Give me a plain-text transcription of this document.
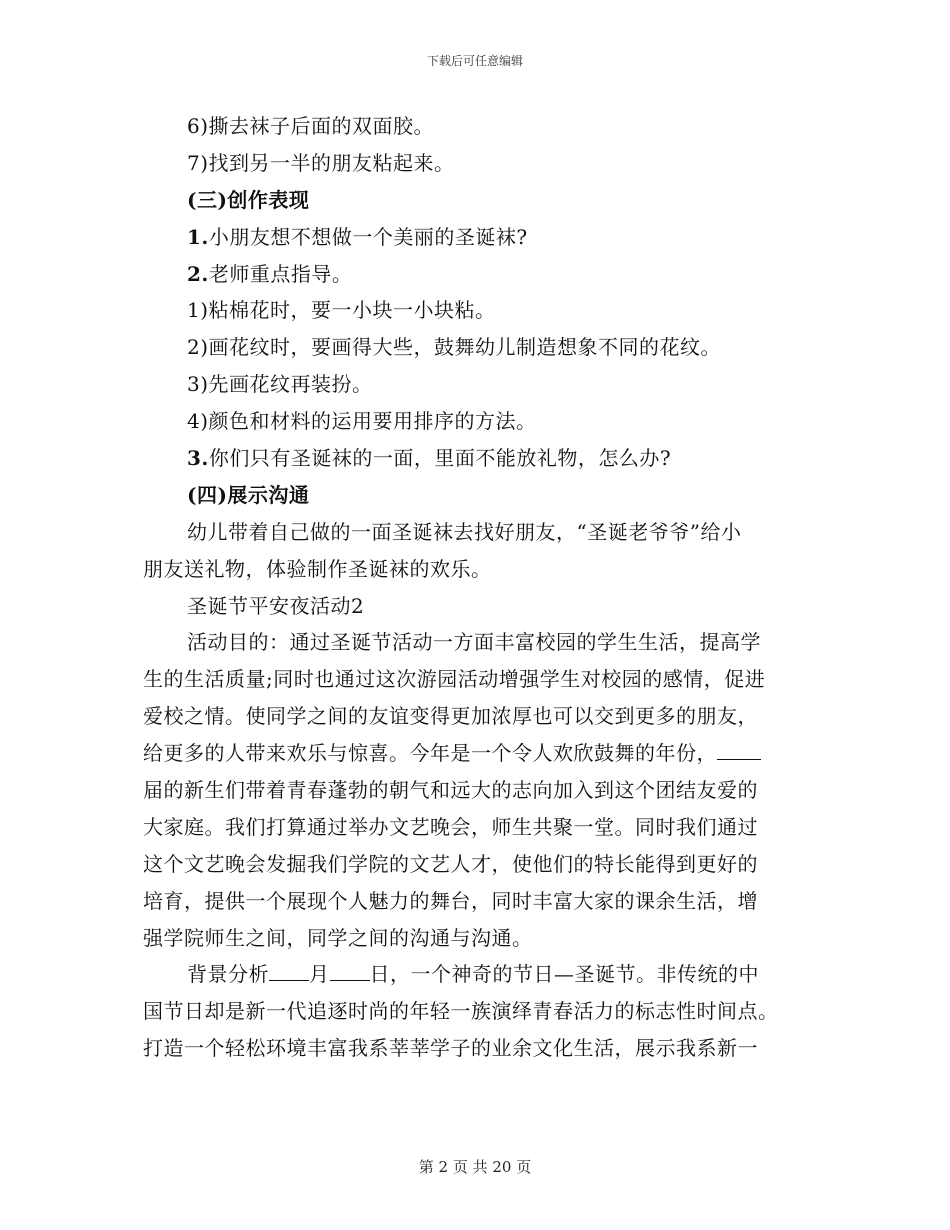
下载后可任意编辑
6)撕去袜子后面的双面胶。
7)找到另一半的朋友粘起来。
(三)创作表现
1.小朋友想不想做一个美丽的圣诞袜?
2.老师重点指导。
1)粘棉花时，要一小块一小块粘。
2)画花纹时，要画得大些，鼓舞幼儿制造想象不同的花纹。
3)先画花纹再装扮。
4)颜色和材料的运用要用排序的方法。
3.你们只有圣诞袜的一面，里面不能放礼物，怎么办?
(四)展示沟通
幼儿带着自己做的一面圣诞袜去找好朋友，“圣诞老爷爷”给小
朋友送礼物，体验制作圣诞袜的欢乐。
圣诞节平安夜活动2
活动目的：通过圣诞节活动一方面丰富校园的学生生活，提高学
生的生活质量;同时也通过这次游园活动增强学生对校园的感情，促进
爱校之情。使同学之间的友谊变得更加浓厚也可以交到更多的朋友，
给更多的人带来欢乐与惊喜。今年是一个令人欢欣鼓舞的年份，
届的新生们带着青春蓬勃的朝气和远大的志向加入到这个团结友爱的
大家庭。我们打算通过举办文艺晚会，师生共聚一堂。同时我们通过
这个文艺晚会发掘我们学院的文艺人才，使他们的特长能得到更好的
培育，提供一个展现个人魅力的舞台，同时丰富大家的课余生活，增
强学院师生之间，同学之间的沟通与沟通。
背景分析 月 日，一个神奇的节日—圣诞节。非传统的中
国节日却是新一代追逐时尚的年轻一族演绎青春活力的标志性时间点。
打造一个轻松环境丰富我系莘莘学子的业余文化生活，展示我系新一
第 2 页 共 20 页
